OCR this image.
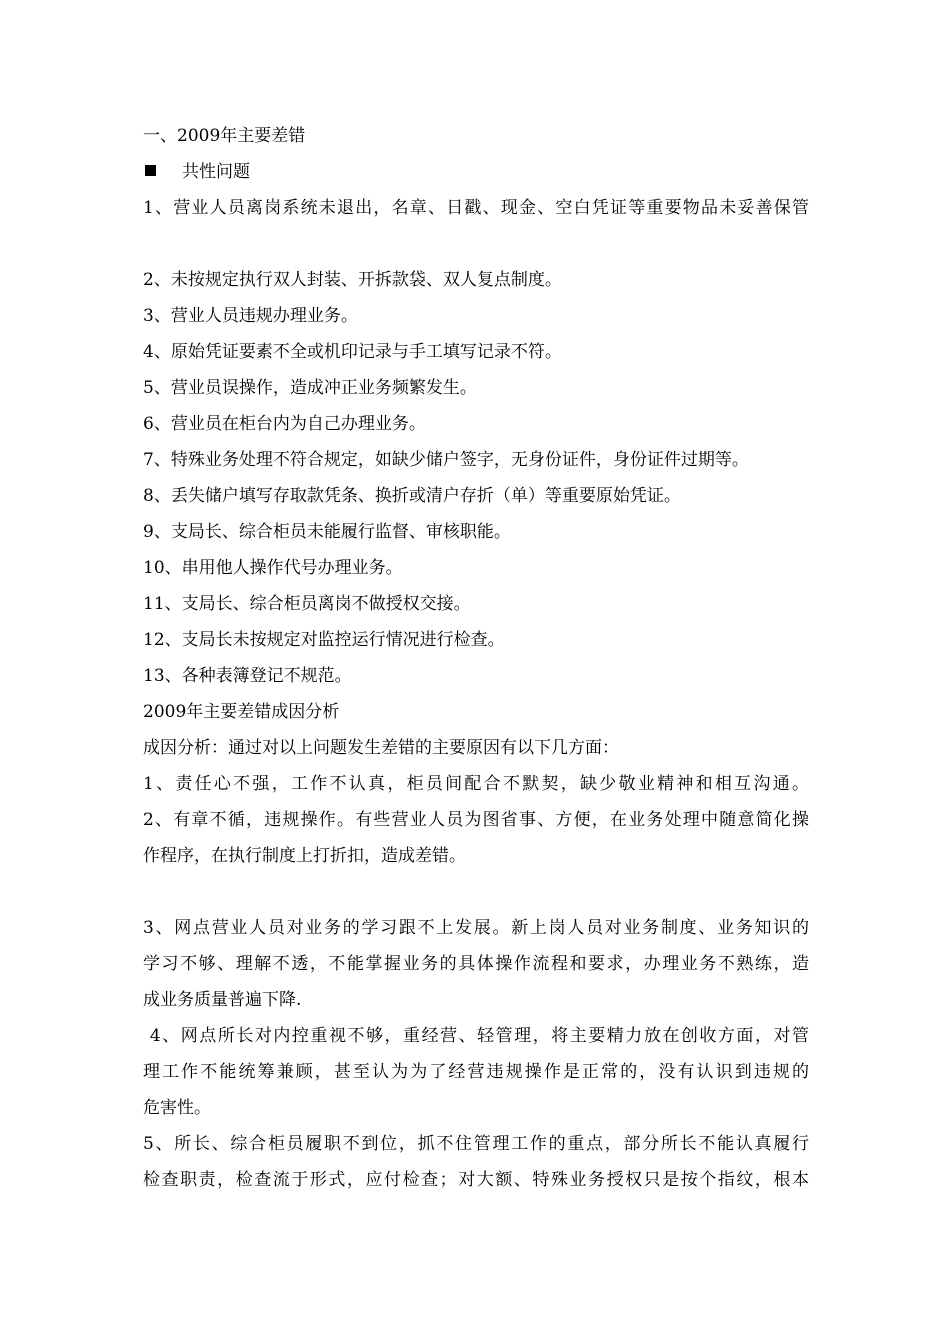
一、2009年主要差错
共性问题
1、营业人员离岗系统未退出，名章、日戳、现金、空白凭证等重要物品未妥善保管
2、未按规定执行双人封装、开拆款袋、双人复点制度。
3、营业人员违规办理业务。
4、原始凭证要素不全或机印记录与手工填写记录不符。
5、营业员误操作，造成冲正业务频繁发生。
6、营业员在柜台内为自己办理业务。
7、特殊业务处理不符合规定，如缺少储户签字，无身份证件，身份证件过期等。
8、丢失储户填写存取款凭条、换折或清户存折（单）等重要原始凭证。
9、支局长、综合柜员未能履行监督、审核职能。
10、串用他人操作代号办理业务。
11、支局长、综合柜员离岗不做授权交接。
12、支局长未按规定对监控运行情况进行检查。
13、各种表簿登记不规范。
2009年主要差错成因分析
成因分析：通过对以上问题发生差错的主要原因有以下几方面：
1、责任心不强，工作不认真，柜员间配合不默契，缺少敬业精神和相互沟通。
2、有章不循，违规操作。有些营业人员为图省事、方便，在业务处理中随意简化操
作程序，在执行制度上打折扣，造成差错。
3、网点营业人员对业务的学习跟不上发展。新上岗人员对业务制度、业务知识的
学习不够、理解不透，不能掌握业务的具体操作流程和要求，办理业务不熟练，造
成业务质量普遍下降.
4、网点所长对内控重视不够，重经营、轻管理，将主要精力放在创收方面，对管
理工作不能统筹兼顾，甚至认为为了经营违规操作是正常的，没有认识到违规的
危害性。
5、所长、综合柜员履职不到位，抓不住管理工作的重点，部分所长不能认真履行
检查职责，检查流于形式，应付检查；对大额、特殊业务授权只是按个指纹，根本
